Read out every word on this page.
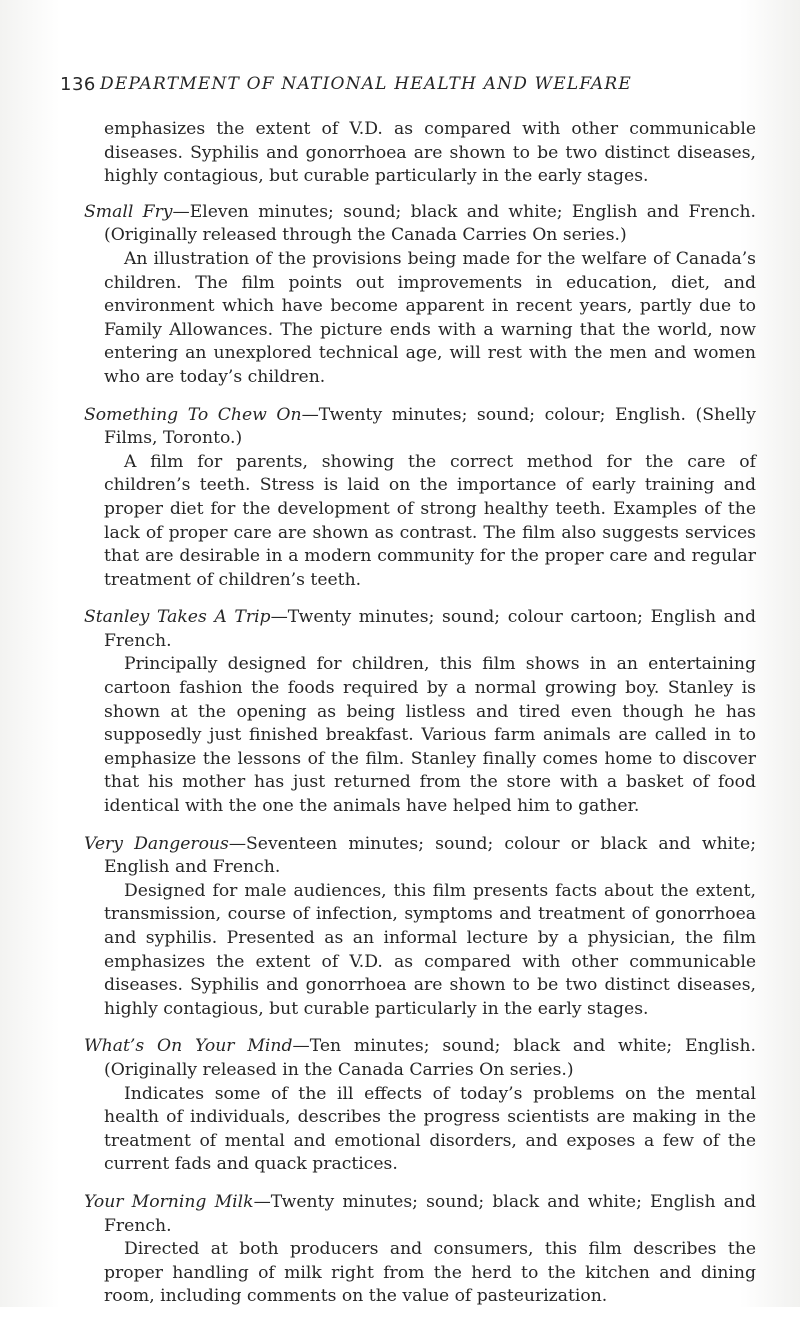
136 DEPARTMENT OF NATIONAL HEALTH AND WELFARE

emphasizes the extent of V.D. as compared with other communicable diseases. Syphilis and gonorrhoea are shown to be two distinct diseases, highly contagious, but curable particularly in the early stages.

Small Fry—Eleven minutes; sound; black and white; English and French. (Originally released through the Canada Carries On series.)

An illustration of the provisions being made for the welfare of Canada’s children. The film points out improvements in education, diet, and environment which have become apparent in recent years, partly due to Family Allowances. The picture ends with a warning that the world, now entering an unexplored technical age, will rest with the men and women who are today’s children.

Something To Chew On—Twenty minutes; sound; colour; English. (Shelly Films, Toronto.)

A film for parents, showing the correct method for the care of children’s teeth. Stress is laid on the importance of early training and proper diet for the development of strong healthy teeth. Examples of the lack of proper care are shown as contrast. The film also suggests services that are desirable in a modern community for the proper care and regular treatment of children’s teeth.

Stanley Takes A Trip—Twenty minutes; sound; colour cartoon; English and French.

Principally designed for children, this film shows in an entertaining cartoon fashion the foods required by a normal growing boy. Stanley is shown at the opening as being listless and tired even though he has supposedly just finished breakfast. Various farm animals are called in to emphasize the lessons of the film. Stanley finally comes home to discover that his mother has just returned from the store with a basket of food identical with the one the animals have helped him to gather.

Very Dangerous—Seventeen minutes; sound; colour or black and white; English and French.

Designed for male audiences, this film presents facts about the extent, transmission, course of infection, symptoms and treatment of gonorrhoea and syphilis. Presented as an informal lecture by a physician, the film emphasizes the extent of V.D. as compared with other communicable diseases. Syphilis and gonorrhoea are shown to be two distinct diseases, highly contagious, but curable particularly in the early stages.

What’s On Your Mind—Ten minutes; sound; black and white; English. (Originally released in the Canada Carries On series.)

Indicates some of the ill effects of today’s problems on the mental health of individuals, describes the progress scientists are making in the treatment of mental and emotional disorders, and exposes a few of the current fads and quack practices.

Your Morning Milk—Twenty minutes; sound; black and white; English and French.

Directed at both producers and consumers, this film describes the proper handling of milk right from the herd to the kitchen and dining room, including comments on the value of pasteurization.
